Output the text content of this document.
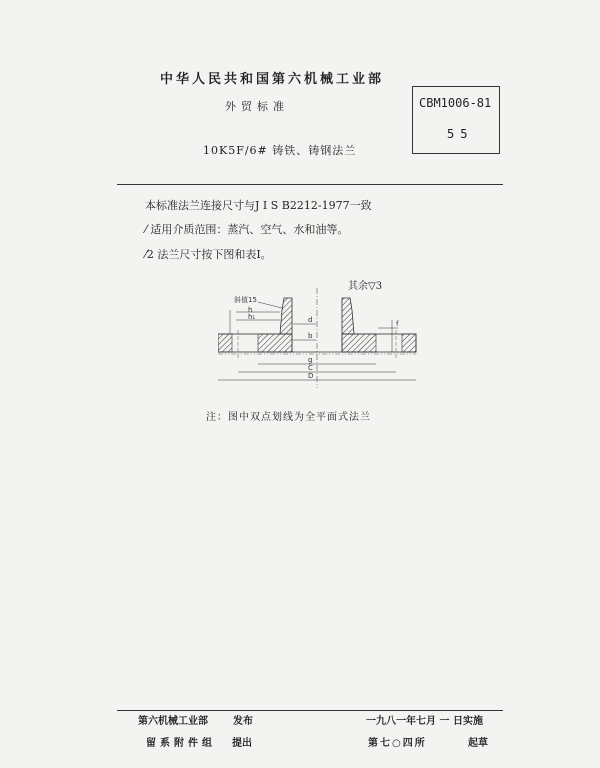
中华人民共和国第六机械工业部
外贸标准
10K5F/6# 铸铁、铸钢法兰
CBM1006-81
55
本标准法兰连接尺寸与J I S B2212-1977一致
⁄ 适用介质范围：蒸汽、空气、水和油等。
⁄2 法兰尺寸按下图和表I。
其余▽3
斜值15
h
h₁	d
b
g
C
D
f
注：图中双点划线为全平面式法兰
第六机械工业部	发布	一九八一年七月 一 日实施
留系附件组 提出	第七○四所	起草
